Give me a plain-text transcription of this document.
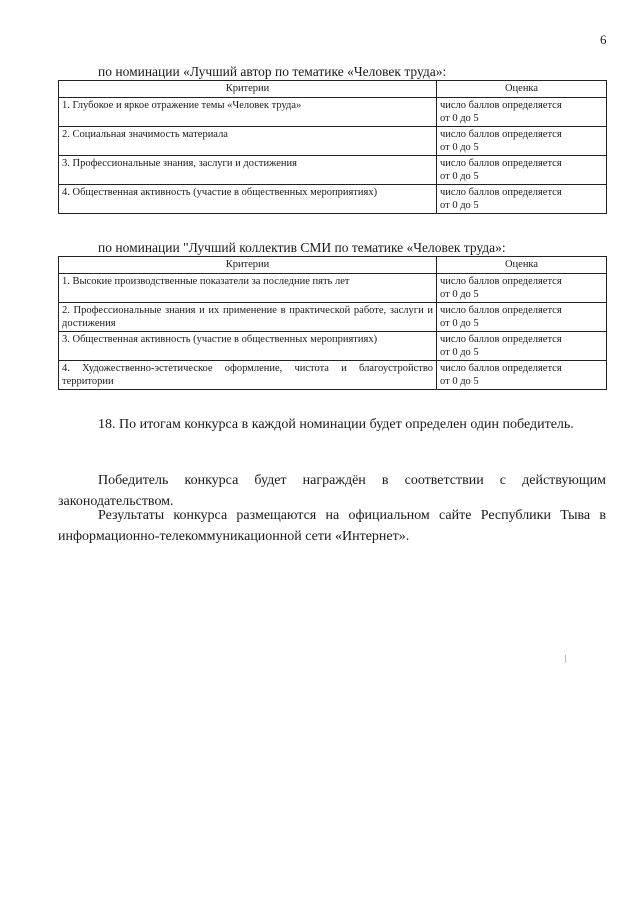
6
по номинации «Лучший автор по тематике «Человек труда»:
Критерии	Оценка
1. Глубокое и яркое отражение темы «Человек труда»	число баллов определяется
от 0 до 5
2. Социальная значимость материала	число баллов определяется
от 0 до 5
3. Профессиональные знания, заслуги и достижения	число баллов определяется
от 0 до 5
4. Общественная активность (участие в общественных мероприятиях)	число баллов определяется
от 0 до 5
по номинации "Лучший коллектив СМИ по тематике «Человек труда»:
Критерии	Оценка
1. Высокие производственные показатели за последние пять лет	число баллов определяется
от 0 до 5
2. Профессиональные знания и их применение в практической работе, заслуги и достижения	число баллов определяется
от 0 до 5
3. Общественная активность (участие в общественных мероприятиях)	число баллов определяется
от 0 до 5
4. Художественно-эстетическое оформление, чистота и благоустройство территории	число баллов определяется
от 0 до 5

18. По итогам конкурса в каждой номинации будет определен один победитель.

Победитель конкурса будет награждён в соответствии с действующим законодательством.

Результаты конкурса размещаются на официальном сайте Республики Тыва в информационно-телекоммуникационной сети «Интернет».
